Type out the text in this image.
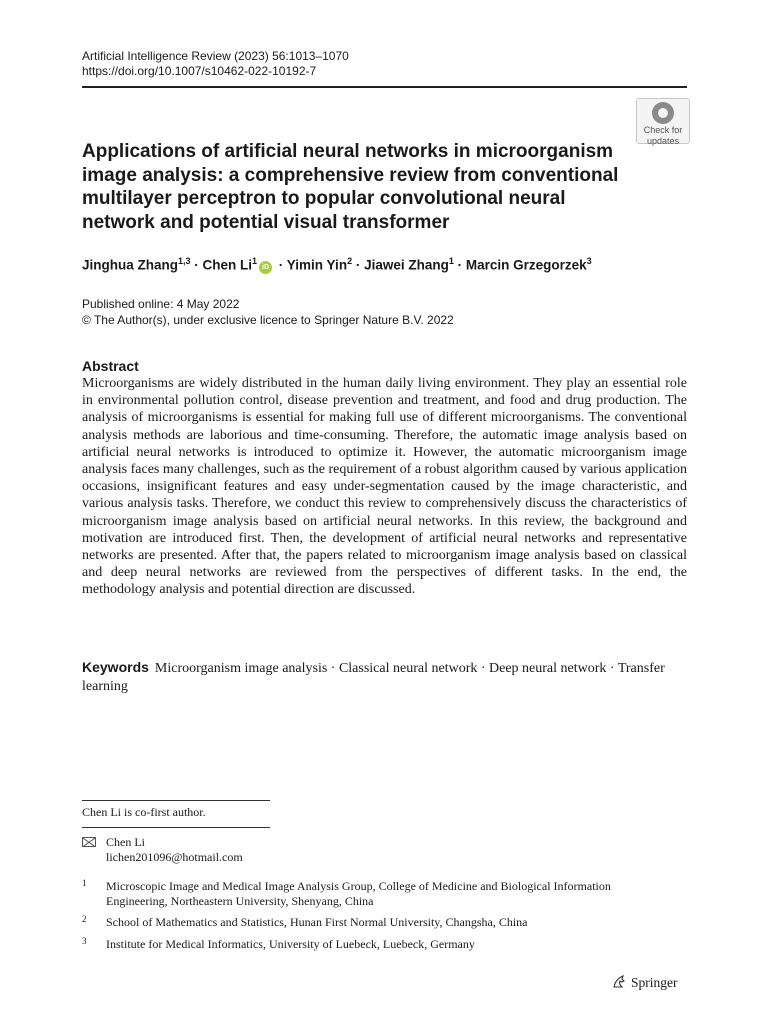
Artificial Intelligence Review (2023) 56:1013–1070
https://doi.org/10.1007/s10462-022-10192-7
Check for
updates
Applications of artificial neural networks in microorganism image analysis: a comprehensive review from conventional multilayer perceptron to popular convolutional neural network and potential visual transformer
Jinghua Zhang$^{1,3}$ · Chen $Li^1iD \cdot Yimin$ Yin$^2$ · Jiawei Zhang$^1$ · Marcin Grzegorzek$^3$
Published online: 4 May 2022
© The Author(s), under exclusive licence to Springer Nature B.V. 2022
Abstract
Microorganisms are widely distributed in the human daily living environment. They play an essential role in environmental pollution control, disease prevention and treatment, and food and drug production. The analysis of microorganisms is essential for making full use of different microorganisms. The conventional analysis methods are laborious and time-consuming. Therefore, the automatic image analysis based on artificial neural networks is introduced to optimize it. However, the automatic microorganism image analysis faces many challenges, such as the requirement of a robust algorithm caused by various application occasions, insignificant features and easy under-segmentation caused by the image characteristic, and various analysis tasks. Therefore, we conduct this review to comprehensively discuss the characteristics of microorganism image analysis based on artificial neural networks. In this review, the background and motivation are introduced first. Then, the development of artificial neural networks and representative networks are presented. After that, the papers related to microorganism image analysis based on classical and deep neural networks are reviewed from the perspectives of different tasks. In the end, the methodology analysis and potential direction are discussed.
Keywords Microorganism image analysis · Classical neural network · Deep neural network · Transfer learning
Chen Li is co-first author.
Chen Li
lichen201096@hotmail.com
1 Microscopic Image and Medical Image Analysis Group, College of Medicine and Biological Information Engineering, Northeastern University, Shenyang, China
2 School of Mathematics and Statistics, Hunan First Normal University, Changsha, China
3 Institute for Medical Informatics, University of Luebeck, Luebeck, Germany
Springer
